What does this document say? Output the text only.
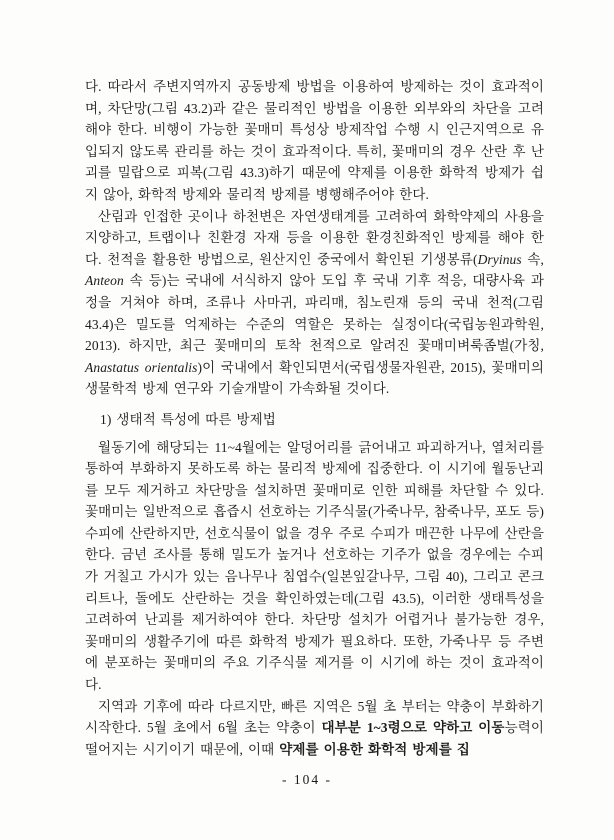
다. 따라서 주변지역까지 공동방제 방법을 이용하여 방제하는 것이 효과적이며, 차단망(그림 43.2)과 같은 물리적인 방법을 이용한 외부와의 차단을 고려해야 한다. 비행이 가능한 꽃매미 특성상 방제작업 수행 시 인근지역으로 유입되지 않도록 관리를 하는 것이 효과적이다. 특히, 꽃매미의 경우 산란 후 난괴를 밀랍으로 피복(그림 43.3)하기 때문에 약제를 이용한 화학적 방제가 쉽지 않아, 화학적 방제와 물리적 방제를 병행해주어야 한다.

산림과 인접한 곳이나 하천변은 자연생태계를 고려하여 화학약제의 사용을 지양하고, 트랩이나 친환경 자재 등을 이용한 환경친화적인 방제를 해야 한다. 천적을 활용한 방법으로, 원산지인 중국에서 확인된 기생봉류(Dryinus 속, Anteon 속 등)는 국내에 서식하지 않아 도입 후 국내 기후 적응, 대량사육 과정을 거쳐야 하며, 조류나 사마귀, 파리매, 침노린재 등의 국내 천적(그림 43.4)은 밀도를 억제하는 수준의 역할은 못하는 실정이다(국립농원과학원, 2013). 하지만, 최근 꽃매미의 토착 천적으로 알려진 꽃매미벼룩좀벌(가칭, Anastatus orientalis)이 국내에서 확인되면서(국립생물자원관, 2015), 꽃매미의 생물학적 방제 연구와 기술개발이 가속화될 것이다.

1) 생태적 특성에 따른 방제법

월동기에 해당되는 11~4월에는 알덩어리를 긁어내고 파괴하거나, 열처리를 통하여 부화하지 못하도록 하는 물리적 방제에 집중한다. 이 시기에 월동난괴를 모두 제거하고 차단망을 설치하면 꽃매미로 인한 피해를 차단할 수 있다. 꽃매미는 일반적으로 흡즙시 선호하는 기주식물(가죽나무, 참죽나무, 포도 등) 수피에 산란하지만, 선호식물이 없을 경우 주로 수피가 매끈한 나무에 산란을 한다. 금년 조사를 통해 밀도가 높거나 선호하는 기주가 없을 경우에는 수피가 거칠고 가시가 있는 음나무나 침엽수(일본잎갈나무, 그림 40), 그리고 콘크리트나, 돌에도 산란하는 것을 확인하였는데(그림 43.5), 이러한 생태특성을 고려하여 난괴를 제거하여야 한다. 차단망 설치가 어렵거나 불가능한 경우, 꽃매미의 생활주기에 따른 화학적 방제가 필요하다. 또한, 가죽나무 등 주변에 분포하는 꽃매미의 주요 기주식물 제거를 이 시기에 하는 것이 효과적이다.

지역과 기후에 따라 다르지만, 빠른 지역은 5월 초 부터는 약충이 부화하기 시작한다. 5월 초에서 6월 초는 약충이 대부분 1~3령으로 약하고 이동능력이 떨어지는 시기이기 때문에, 이때 약제를 이용한 화학적 방제를 집

- 104 -
